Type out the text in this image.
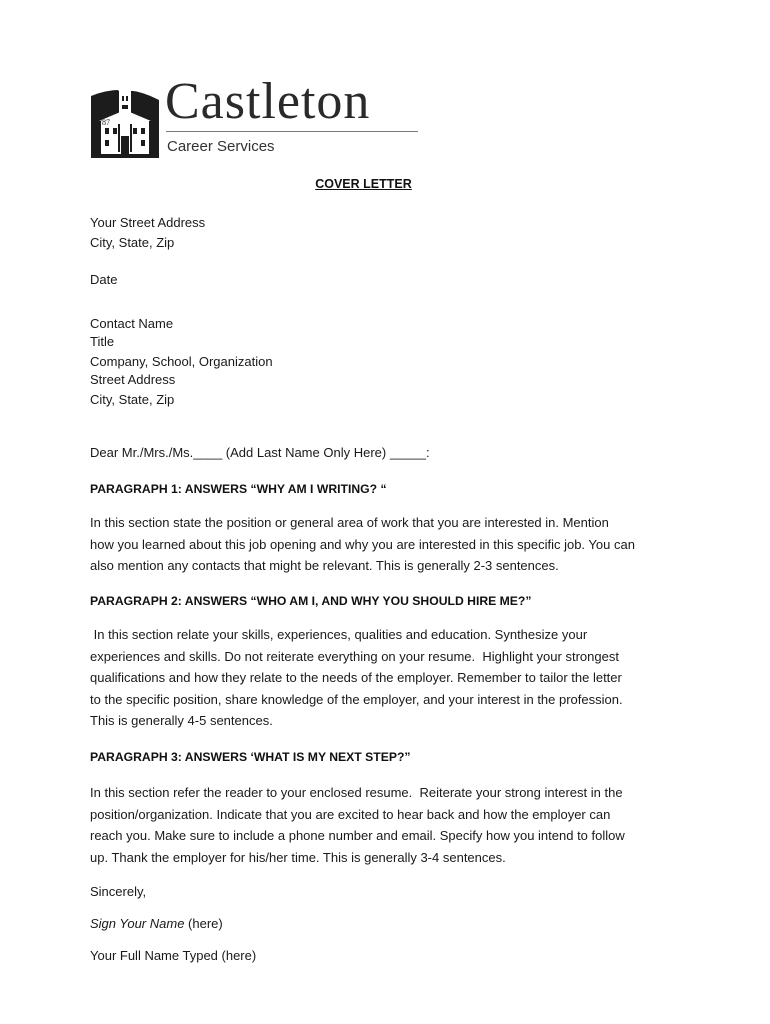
1787 Castleton
Career Services
COVER LETTER
Your Street Address
City, State, Zip
Date
Contact Name
Title
Company, School, Organization
Street Address
City, State, Zip
Dear Mr./Mrs./Ms.____ (Add Last Name Only Here) _____:
PARAGRAPH 1: ANSWERS “WHY AM I WRITING? “
In this section state the position or general area of work that you are interested in. Mention
how you learned about this job opening and why you are interested in this specific job. You can
also mention any contacts that might be relevant. This is generally 2-3 sentences.
PARAGRAPH 2: ANSWERS “WHO AM I, AND WHY YOU SHOULD HIRE ME?”
In this section relate your skills, experiences, qualities and education. Synthesize your
experiences and skills. Do not reiterate everything on your resume.  Highlight your strongest
qualifications and how they relate to the needs of the employer. Remember to tailor the letter
to the specific position, share knowledge of the employer, and your interest in the profession.
This is generally 4-5 sentences.
PARAGRAPH 3: ANSWERS ‘WHAT IS MY NEXT STEP?”
In this section refer the reader to your enclosed resume.  Reiterate your strong interest in the
position/organization. Indicate that you are excited to hear back and how the employer can
reach you. Make sure to include a phone number and email. Specify how you intend to follow
up. Thank the employer for his/her time. This is generally 3-4 sentences.
Sincerely,
Sign Your Name (here)
Your Full Name Typed (here)
